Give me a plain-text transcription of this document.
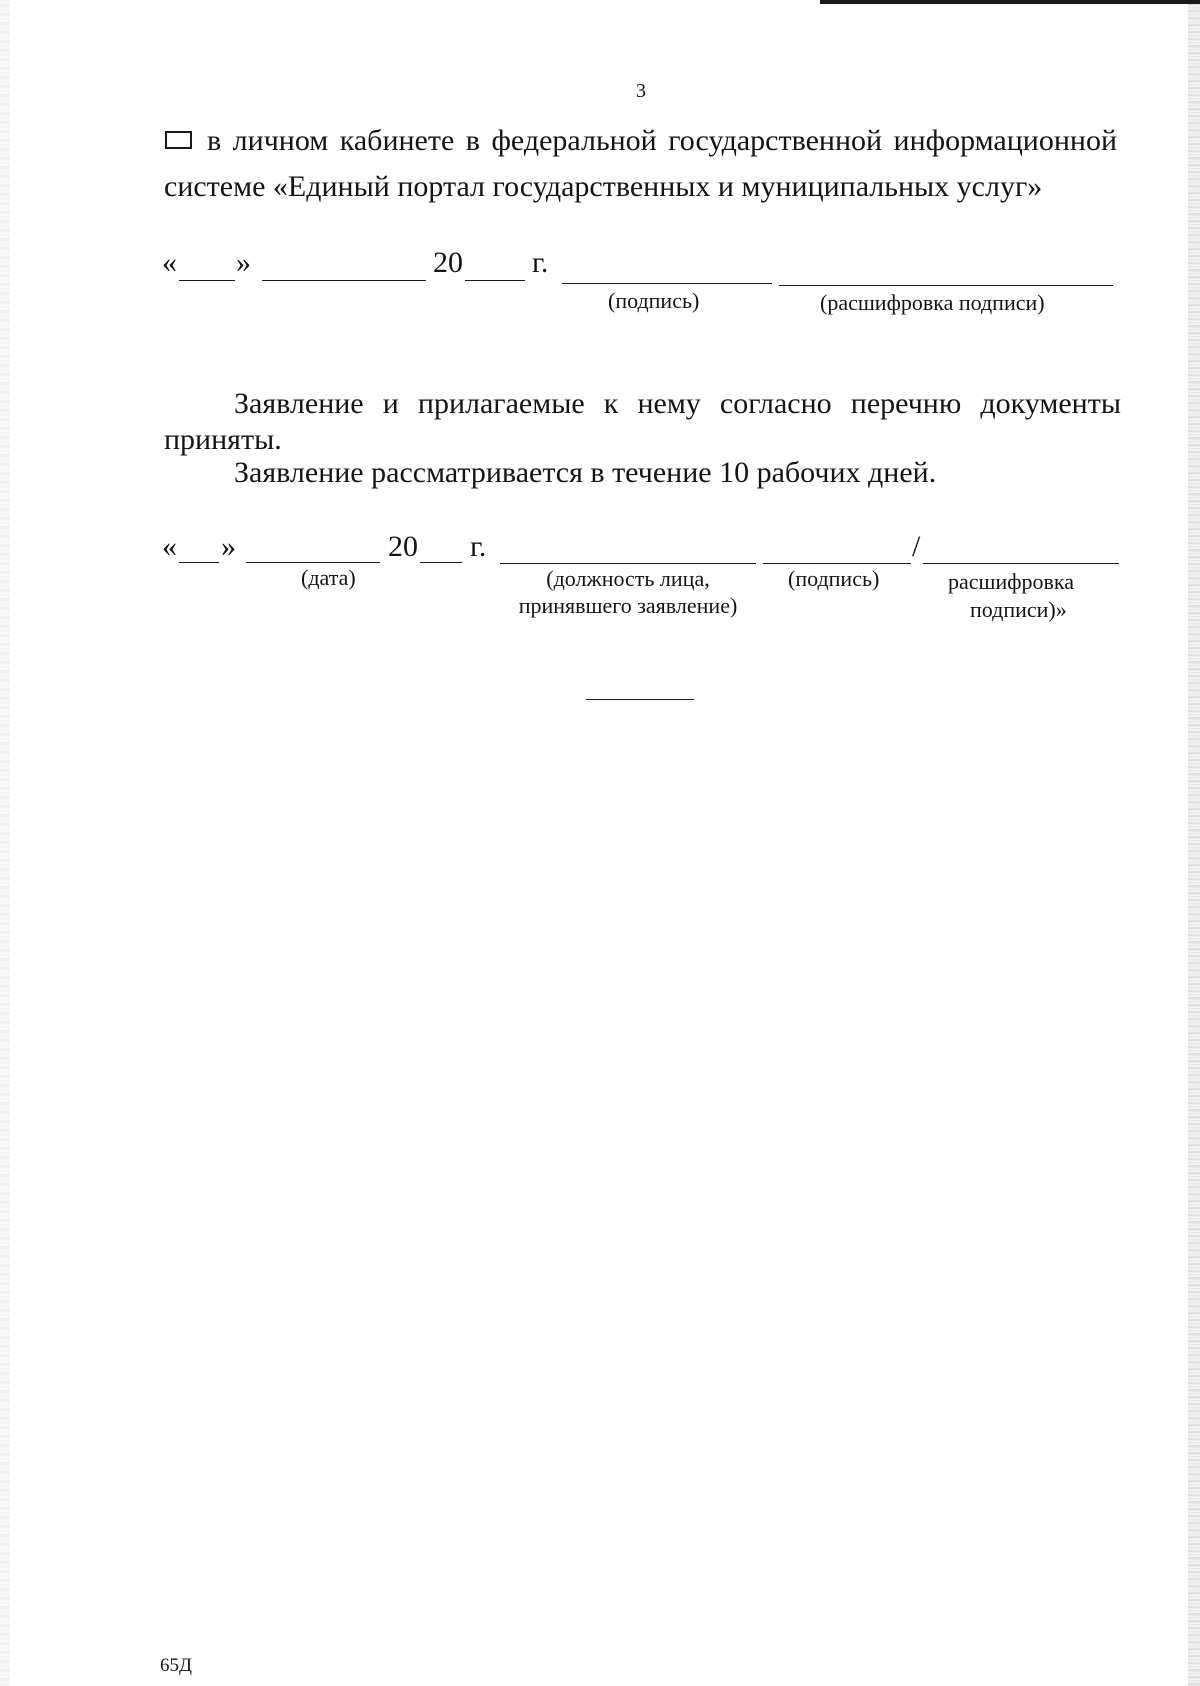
3
в личном кабинете в федеральной государственной информационной
системе «Единый портал государственных и муниципальных услуг»
« »	20 г.
(подпись)	(расшифровка подписи)

Заявление и прилагаемые к нему согласно перечню документы приняты.

Заявление рассматривается в течение 10 рабочих дней.
« »	20 г.	/
(дата)	(должность лица,
принявшего заявление)
(подпись)	расшифровка
подписи)»
65Д
